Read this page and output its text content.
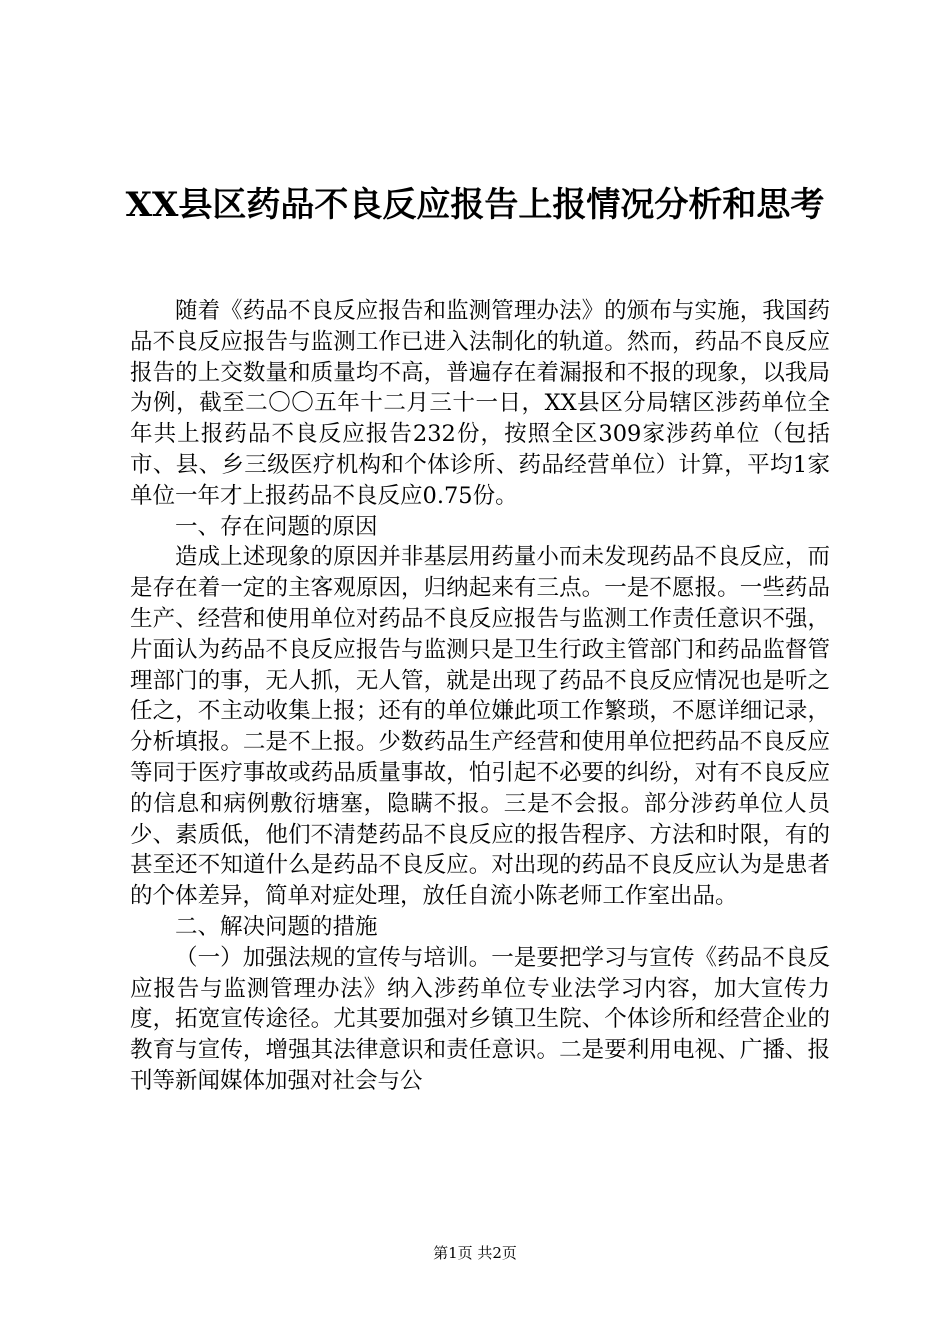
XX县区药品不良反应报告上报情况分析和思考

随着《药品不良反应报告和监测管理办法》的颁布与实施，我国药品不良反应报告与监测工作已进入法制化的轨道。然而，药品不良反应报告的上交数量和质量均不高，普遍存在着漏报和不报的现象，以我局为例，截至二〇〇五年十二月三十一日，XX县区分局辖区涉药单位全年共上报药品不良反应报告232份，按照全区309家涉药单位（包括市、县、乡三级医疗机构和个体诊所、药品经营单位）计算，平均1家单位一年才上报药品不良反应0.75份。

一、存在问题的原因

造成上述现象的原因并非基层用药量小而未发现药品不良反应，而是存在着一定的主客观原因，归纳起来有三点。一是不愿报。一些药品生产、经营和使用单位对药品不良反应报告与监测工作责任意识不强，片面认为药品不良反应报告与监测只是卫生行政主管部门和药品监督管理部门的事，无人抓，无人管，就是出现了药品不良反应情况也是听之任之，不主动收集上报；还有的单位嫌此项工作繁琐，不愿详细记录，分析填报。二是不上报。少数药品生产经营和使用单位把药品不良反应等同于医疗事故或药品质量事故，怕引起不必要的纠纷，对有不良反应的信息和病例敷衍塘塞，隐瞒不报。三是不会报。部分涉药单位人员少、素质低，他们不清楚药品不良反应的报告程序、方法和时限，有的甚至还不知道什么是药品不良反应。对出现的药品不良反应认为是患者的个体差异，简单对症处理，放任自流小陈老师工作室出品。

二、解决问题的措施

（一）加强法规的宣传与培训。一是要把学习与宣传《药品不良反应报告与监测管理办法》纳入涉药单位专业法学习内容，加大宣传力度，拓宽宣传途径。尤其要加强对乡镇卫生院、个体诊所和经营企业的教育与宣传，增强其法律意识和责任意识。二是要利用电视、广播、报刊等新闻媒体加强对社会与公

第1页 共2页
